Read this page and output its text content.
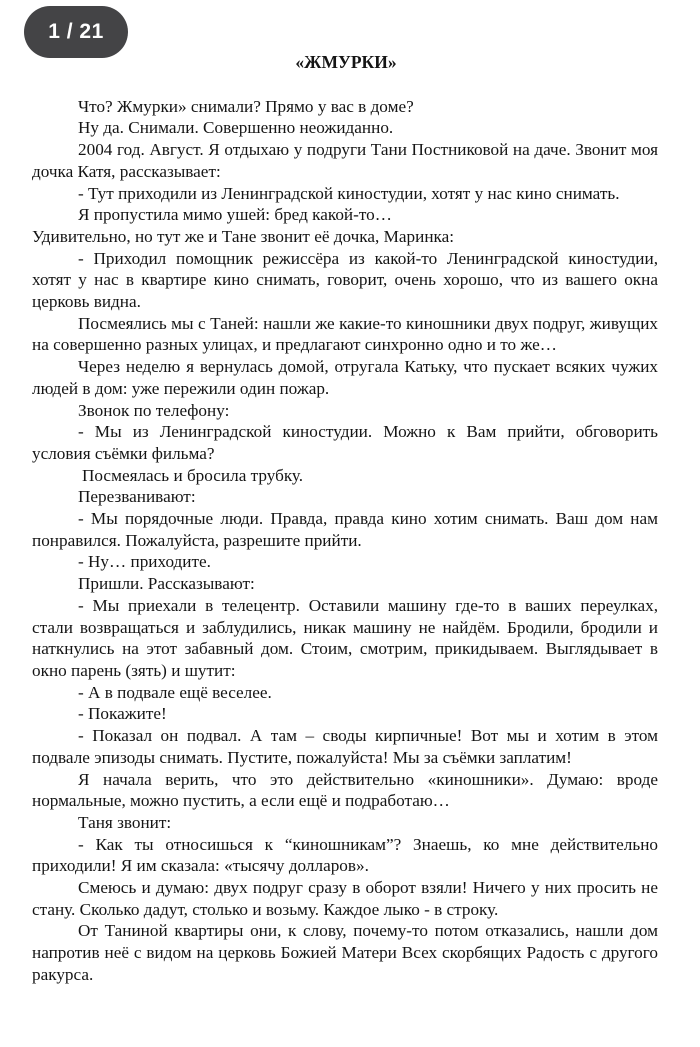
1 / 21
«ЖМУРКИ»

Что? Жмурки» снимали? Прямо у вас в доме?

Ну да. Снимали. Совершенно неожиданно.

2004 год. Август. Я отдыхаю у подруги Тани Постниковой на даче. Звонит моя дочка Катя, рассказывает:

- Тут приходили из Ленинградской киностудии, хотят у нас кино снимать.

Я пропустила мимо ушей: бред какой-то…

Удивительно, но тут же и Тане звонит её дочка, Маринка:

- Приходил помощник режиссёра из какой-то Ленинградской киностудии, хотят у нас в квартире кино снимать, говорит, очень хорошо, что из вашего окна церковь видна.

Посмеялись мы с Таней: нашли же какие-то киношники двух подруг, живущих на совершенно разных улицах, и предлагают синхронно одно и то же…

Через неделю я вернулась домой, отругала Катьку, что пускает всяких чужих людей в дом: уже пережили один пожар.

Звонок по телефону:

- Мы из Ленинградской киностудии. Можно к Вам прийти, обговорить условия съёмки фильма?

Посмеялась и бросила трубку.

Перезванивают:

- Мы порядочные люди. Правда, правда кино хотим снимать. Ваш дом нам понравился. Пожалуйста, разрешите прийти.

- Ну… приходите.

Пришли. Рассказывают:

- Мы приехали в телецентр. Оставили машину где-то в ваших переулках, стали возвращаться и заблудились, никак машину не найдём. Бродили, бродили и наткнулись на этот забавный дом. Стоим, смотрим, прикидываем. Выглядывает в окно парень (зять) и шутит:

- А в подвале ещё веселее.

- Покажите!

- Показал он подвал. А там – своды кирпичные! Вот мы и хотим в этом подвале эпизоды снимать. Пустите, пожалуйста! Мы за съёмки заплатим!

Я начала верить, что это действительно «киношники». Думаю: вроде нормальные, можно пустить, а если ещё и подработаю…

Таня звонит:

- Как ты относишься к “киношникам”? Знаешь, ко мне действительно приходили! Я им сказала: «тысячу долларов».

Смеюсь и думаю: двух подруг сразу в оборот взяли! Ничего у них просить не стану. Сколько дадут, столько и возьму. Каждое лыко - в строку.

От Таниной квартиры они, к слову, почему-то потом отказались, нашли дом напротив неё с видом на церковь Божией Матери Всех скорбящих Радость с другого ракурса.
